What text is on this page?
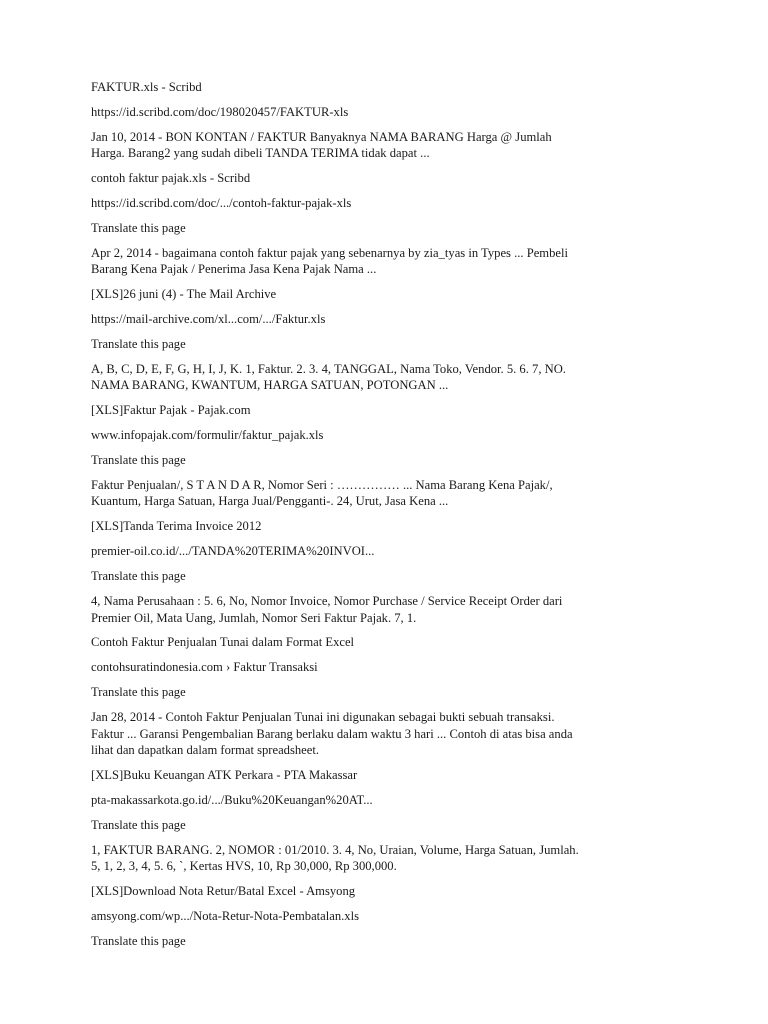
FAKTUR.xls - Scribd

https://id.scribd.com/doc/198020457/FAKTUR-xls

Jan 10, 2014 - BON KONTAN / FAKTUR Banyaknya NAMA BARANG Harga @ Jumlah
Harga. Barang2 yang sudah dibeli TANDA TERIMA tidak dapat ...

contoh faktur pajak.xls - Scribd

https://id.scribd.com/doc/.../contoh-faktur-pajak-xls

Translate this page

Apr 2, 2014 - bagaimana contoh faktur pajak yang sebenarnya by zia_tyas in Types ... Pembeli
Barang Kena Pajak / Penerima Jasa Kena Pajak Nama ...

[XLS]26 juni (4) - The Mail Archive

https://mail-archive.com/xl...com/.../Faktur.xls

Translate this page

A, B, C, D, E, F, G, H, I, J, K. 1, Faktur. 2. 3. 4, TANGGAL, Nama Toko, Vendor. 5. 6. 7, NO.
NAMA BARANG, KWANTUM, HARGA SATUAN, POTONGAN ...

[XLS]Faktur Pajak - Pajak.com

www.infopajak.com/formulir/faktur_pajak.xls

Translate this page

Faktur Penjualan/, S T A N D A R, Nomor Seri : …………… ... Nama Barang Kena Pajak/,
Kuantum, Harga Satuan, Harga Jual/Pengganti-. 24, Urut, Jasa Kena ...

[XLS]Tanda Terima Invoice 2012

premier-oil.co.id/.../TANDA%20TERIMA%20INVOI...

Translate this page

4, Nama Perusahaan : 5. 6, No, Nomor Invoice, Nomor Purchase / Service Receipt Order dari
Premier Oil, Mata Uang, Jumlah, Nomor Seri Faktur Pajak. 7, 1.

Contoh Faktur Penjualan Tunai dalam Format Excel

contohsuratindonesia.com › Faktur Transaksi

Translate this page

Jan 28, 2014 - Contoh Faktur Penjualan Tunai ini digunakan sebagai bukti sebuah transaksi.
Faktur ... Garansi Pengembalian Barang berlaku dalam waktu 3 hari ... Contoh di atas bisa anda
lihat dan dapatkan dalam format spreadsheet.

[XLS]Buku Keuangan ATK Perkara - PTA Makassar

pta-makassarkota.go.id/.../Buku%20Keuangan%20AT...

Translate this page

1, FAKTUR BARANG. 2, NOMOR : 01/2010. 3. 4, No, Uraian, Volume, Harga Satuan, Jumlah.
5, 1, 2, 3, 4, 5. 6, `, Kertas HVS, 10, Rp 30,000, Rp 300,000.

[XLS]Download Nota Retur/Batal Excel - Amsyong

amsyong.com/wp.../Nota-Retur-Nota-Pembatalan.xls

Translate this page
